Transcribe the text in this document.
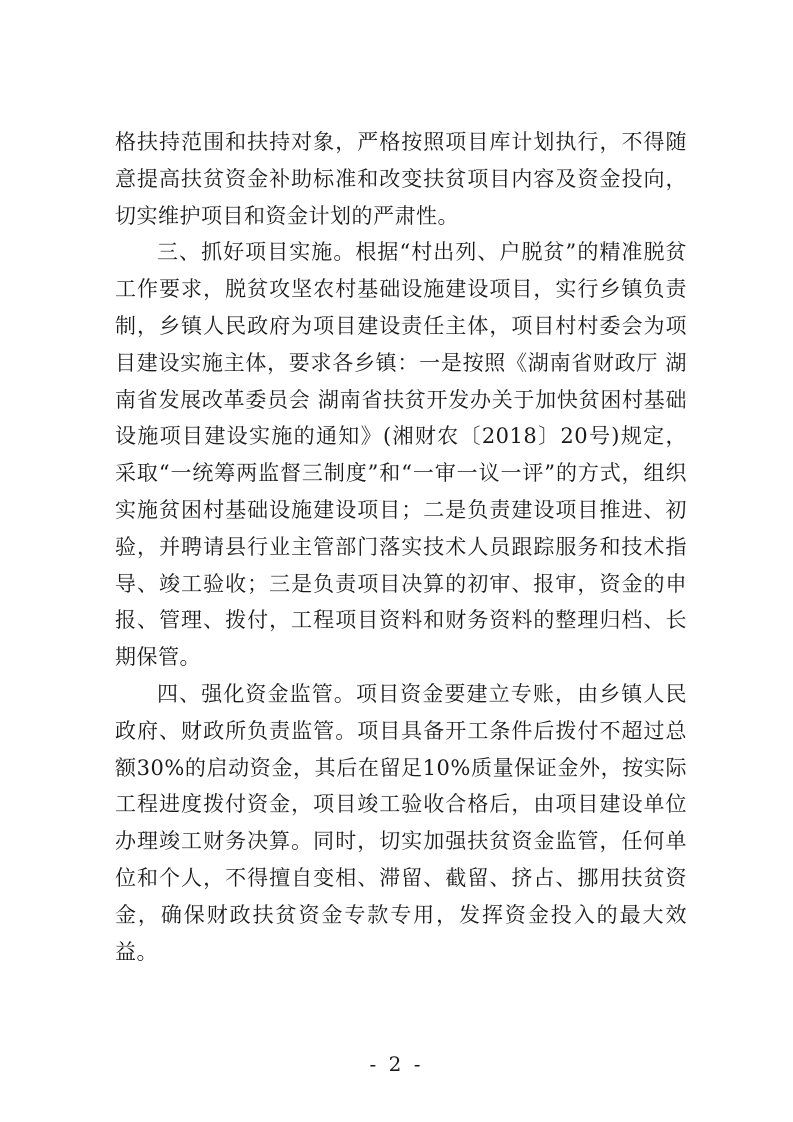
格扶持范围和扶持对象，严格按照项目库计划执行，不得随意提高扶贫资金补助标准和改变扶贫项目内容及资金投向，切实维护项目和资金计划的严肃性。

三、抓好项目实施。根据“村出列、户脱贫”的精准脱贫工作要求，脱贫攻坚农村基础设施建设项目，实行乡镇负责制，乡镇人民政府为项目建设责任主体，项目村村委会为项目建设实施主体，要求各乡镇：一是按照《湖南省财政厅 湖南省发展改革委员会 湖南省扶贫开发办关于加快贫困村基础设施项目建设实施的通知》(湘财农〔2018〕20号)规定，采取“一统筹两监督三制度”和“一审一议一评”的方式，组织实施贫困村基础设施建设项目；二是负责建设项目推进、初验，并聘请县行业主管部门落实技术人员跟踪服务和技术指导、竣工验收；三是负责项目决算的初审、报审，资金的申报、管理、拨付，工程项目资料和财务资料的整理归档、长期保管。

四、强化资金监管。项目资金要建立专账，由乡镇人民政府、财政所负责监管。项目具备开工条件后拨付不超过总额30%的启动资金，其后在留足10%质量保证金外，按实际工程进度拨付资金，项目竣工验收合格后，由项目建设单位办理竣工财务决算。同时，切实加强扶贫资金监管，任何单位和个人，不得擅自变相、滞留、截留、挤占、挪用扶贫资金，确保财政扶贫资金专款专用，发挥资金投入的最大效益。

- 2 -
